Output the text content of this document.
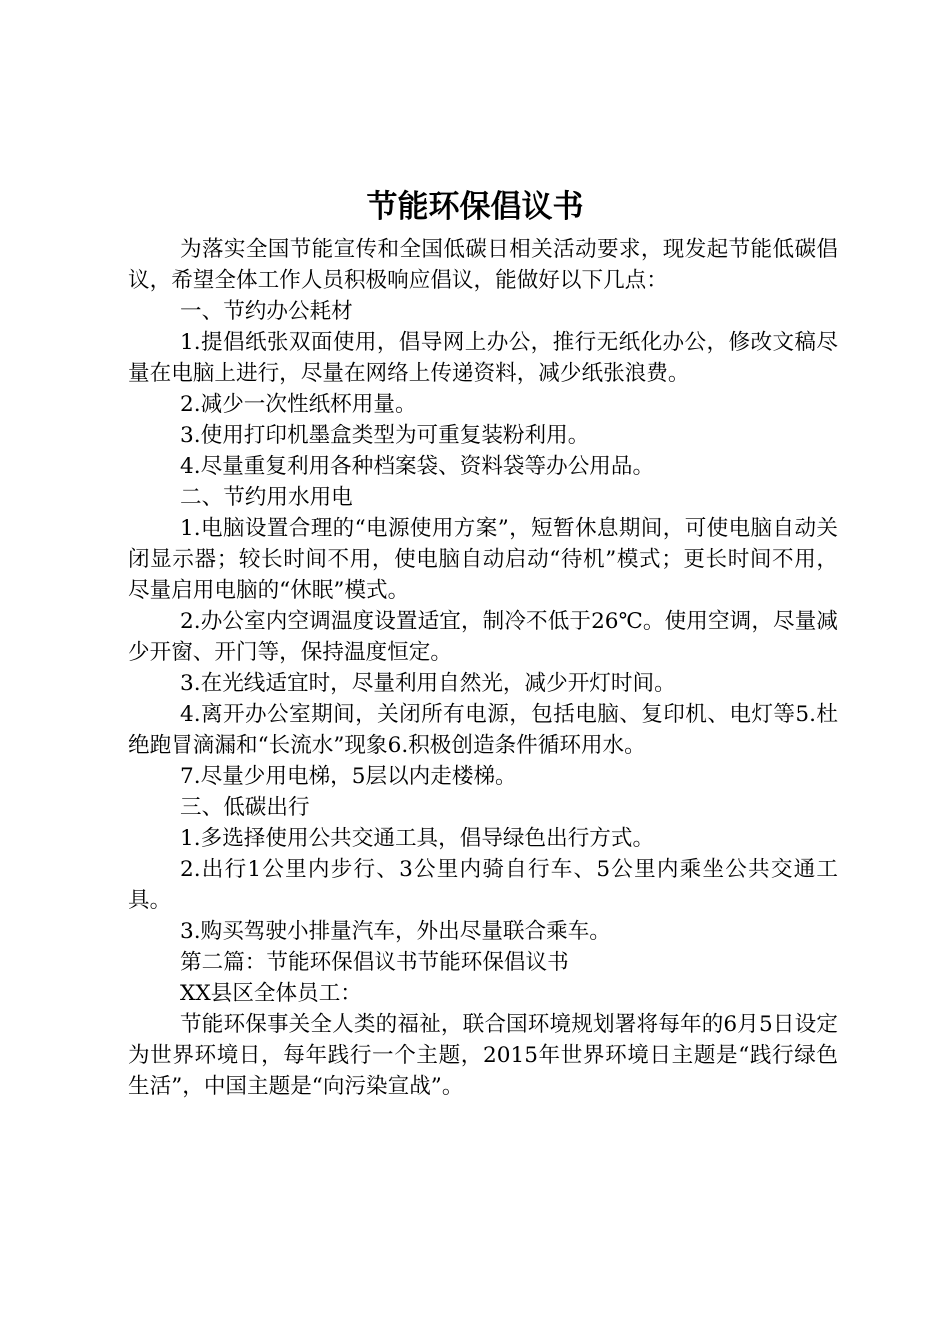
节能环保倡议书

为落实全国节能宣传和全国低碳日相关活动要求，现发起节能低碳倡议，希望全体工作人员积极响应倡议，能做好以下几点：

一、节约办公耗材

1.提倡纸张双面使用，倡导网上办公，推行无纸化办公，修改文稿尽量在电脑上进行，尽量在网络上传递资料，减少纸张浪费。

2.减少一次性纸杯用量。

3.使用打印机墨盒类型为可重复装粉利用。

4.尽量重复利用各种档案袋、资料袋等办公用品。

二、节约用水用电

1.电脑设置合理的“电源使用方案”，短暂休息期间，可使电脑自动关闭显示器；较长时间不用，使电脑自动启动“待机”模式；更长时间不用，尽量启用电脑的“休眠”模式。

2.办公室内空调温度设置适宜，制冷不低于26℃。使用空调，尽量减少开窗、开门等，保持温度恒定。

3.在光线适宜时，尽量利用自然光，减少开灯时间。

4.离开办公室期间，关闭所有电源，包括电脑、复印机、电灯等5.杜绝跑冒滴漏和“长流水”现象6.积极创造条件循环用水。

7.尽量少用电梯，5层以内走楼梯。

三、低碳出行

1.多选择使用公共交通工具，倡导绿色出行方式。

2.出行1公里内步行、3公里内骑自行车、5公里内乘坐公共交通工具。

3.购买驾驶小排量汽车，外出尽量联合乘车。

第二篇：节能环保倡议书节能环保倡议书

XX县区全体员工：

节能环保事关全人类的福祉，联合国环境规划署将每年的6月5日设定为世界环境日，每年践行一个主题，2015年世界环境日主题是“践行绿色生活”，中国主题是“向污染宣战”。
